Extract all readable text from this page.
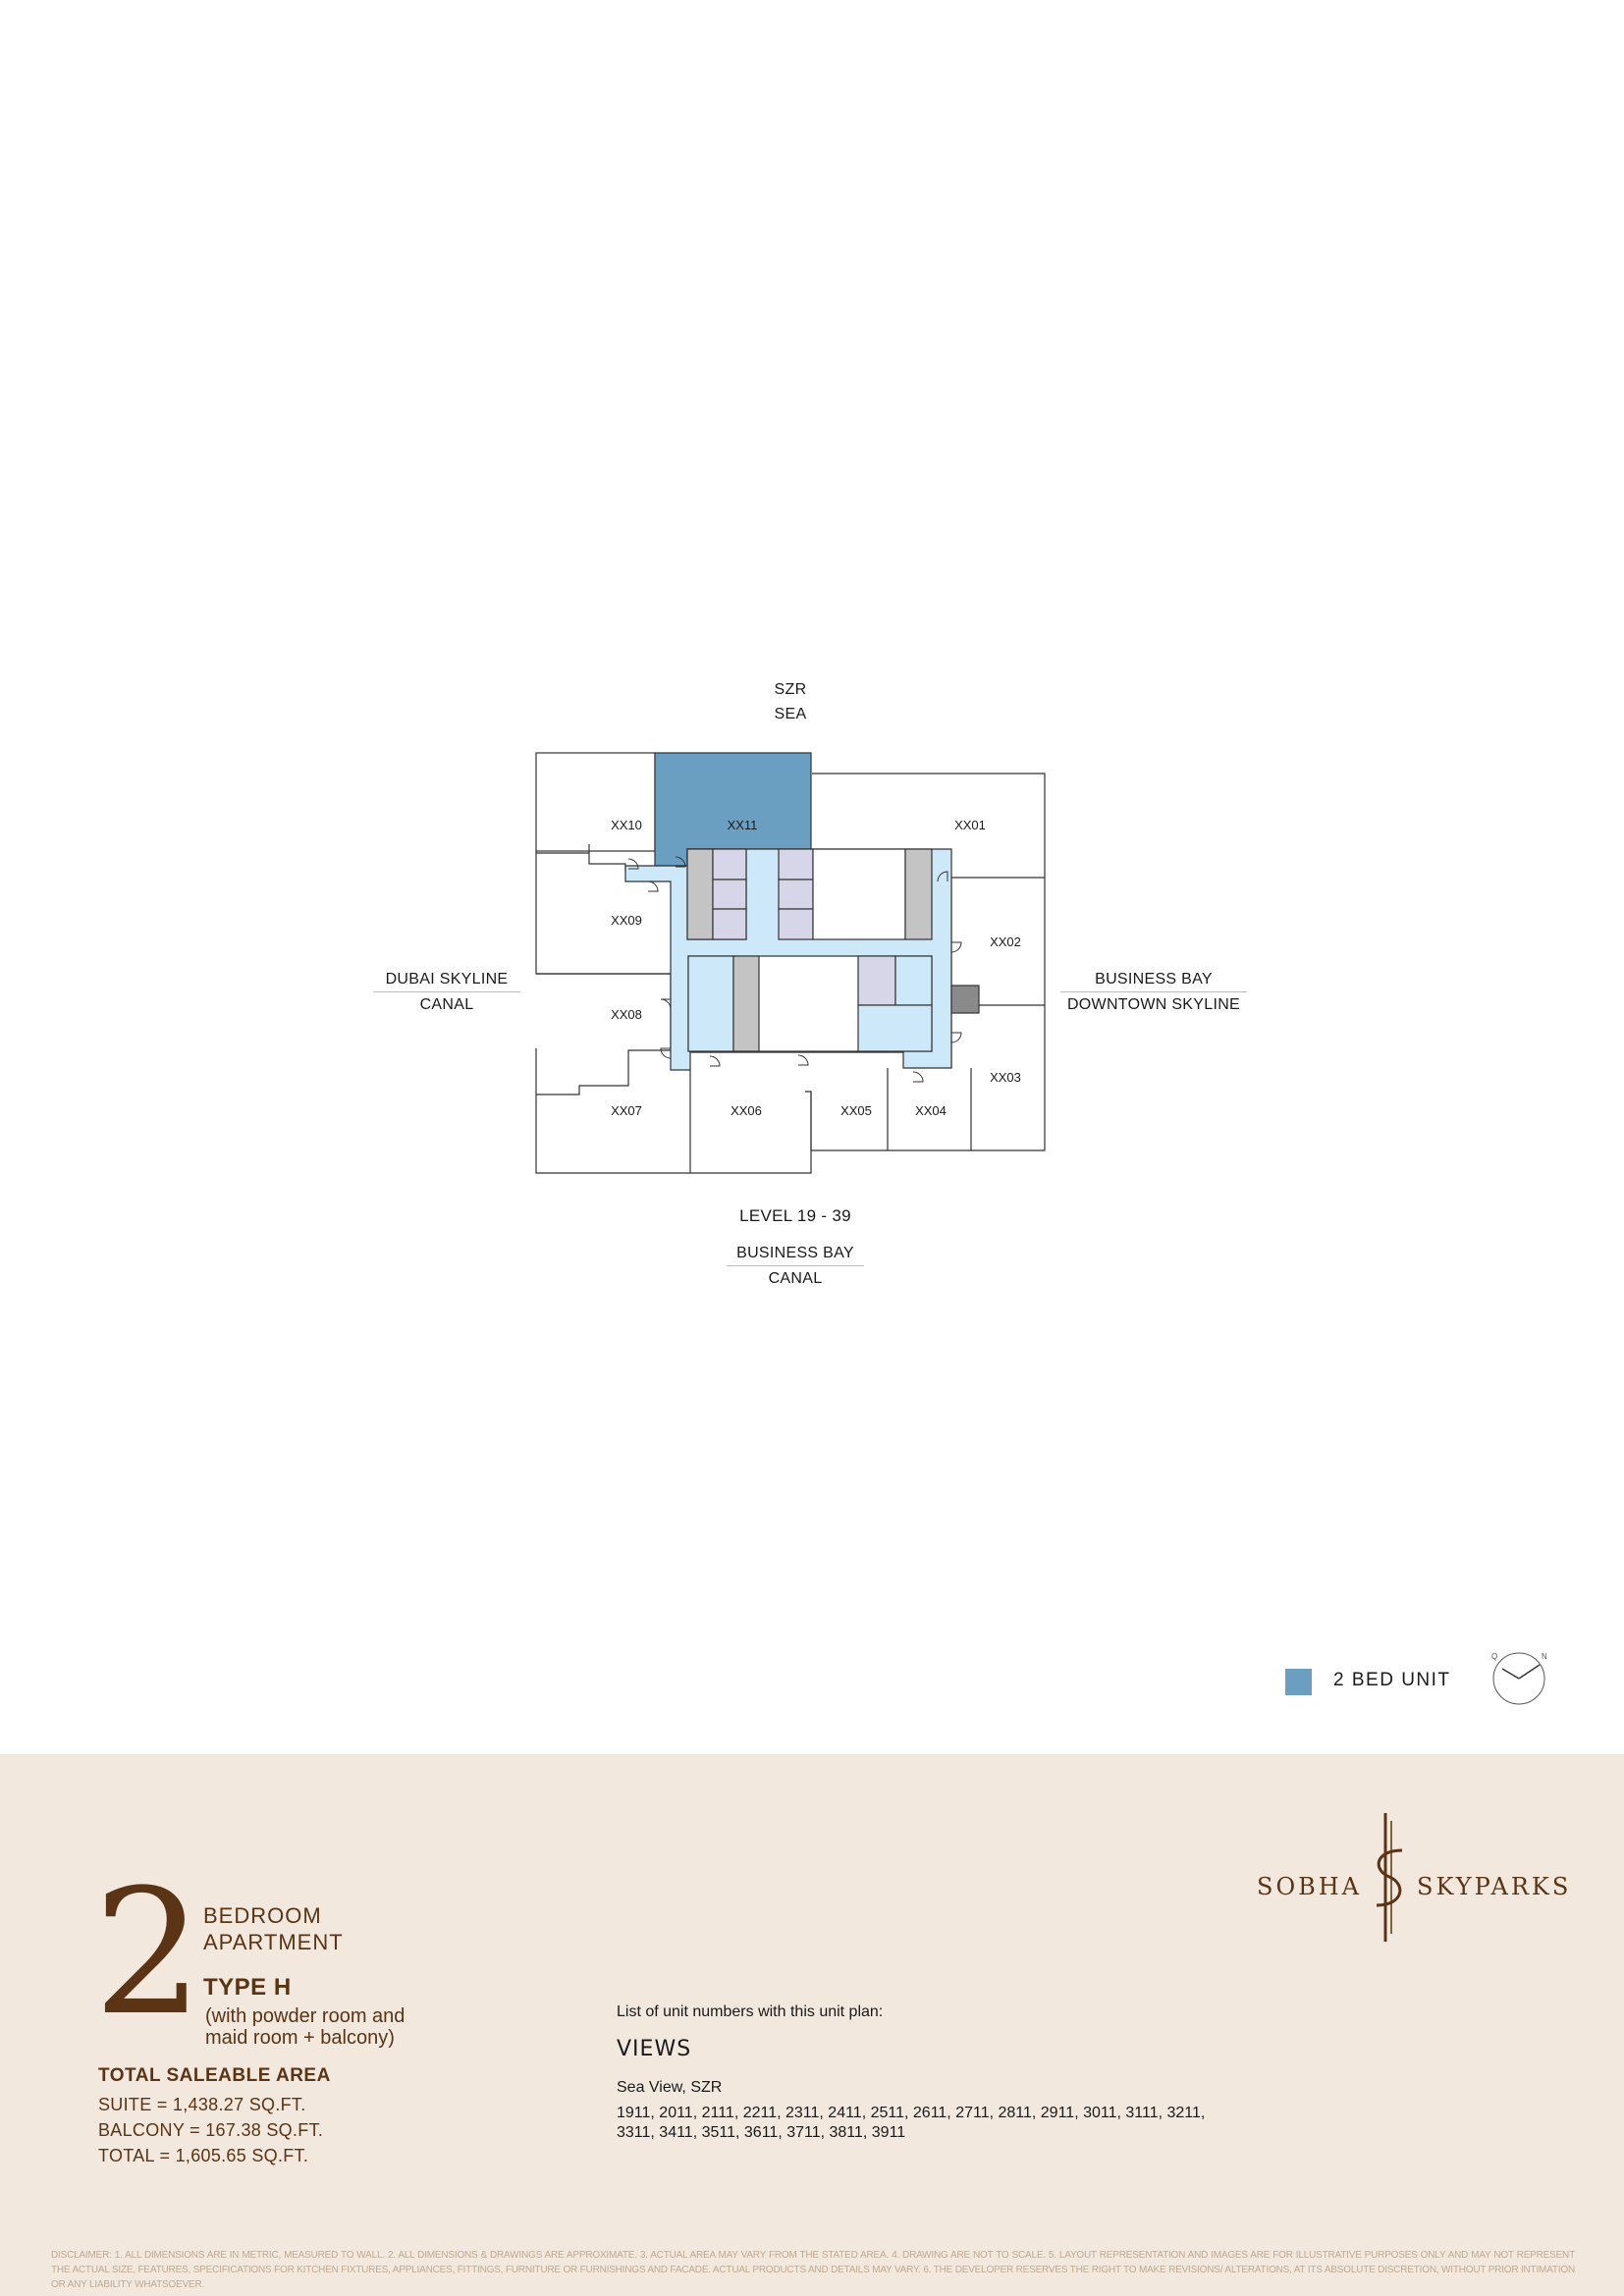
SZR
SEA
DUBAI SKYLINE
CANAL
BUSINESS BAY
DOWNTOWN SKYLINE
LEVEL 19 - 39
BUSINESS BAY
CANAL
XX01
XX02
XX03
XX04
XX05
XX06
XX07
XX08
XX09
XX10	XX11
Q	N
2 BED UNIT
2 BEDROOM
APARTMENT
TYPE H
(with powder room and
maid room + balcony)
TOTAL SALEABLE AREA
SUITE = 1,438.27 SQ.FT.
BALCONY = 167.38 SQ.FT.
TOTAL = 1,605.65 SQ.FT.
List of unit numbers with this unit plan:
VIEWS
Sea View, SZR
1911, 2011, 2111, 2211, 2311, 2411, 2511, 2611, 2711, 2811, 2911, 3011, 3111, 3211, 3311, 3411, 3511, 3611, 3711, 3811, 3911
SOBHA SKYPARKS
DISCLAIMER: 1. ALL DIMENSIONS ARE IN METRIC, MEASURED TO WALL. 2. ALL DIMENSIONS & DRAWINGS ARE APPROXIMATE. 3. ACTUAL AREA MAY VARY FROM THE STATED AREA. 4. DRAWING ARE NOT TO SCALE. 5. LAYOUT REPRESENTATION AND IMAGES ARE FOR ILLUSTRATIVE PURPOSES ONLY AND MAY NOT REPRESENT THE ACTUAL SIZE, FEATURES, SPECIFICATIONS FOR KITCHEN FIXTURES, APPLIANCES, FITTINGS, FURNITURE OR FURNISHINGS AND FACADE. ACTUAL PRODUCTS AND DETAILS MAY VARY. 6. THE DEVELOPER RESERVES THE RIGHT TO MAKE REVISIONS/ ALTERATIONS, AT ITS ABSOLUTE DISCRETION, WITHOUT PRIOR INTIMATION OR ANY LIABILITY WHATSOEVER.
